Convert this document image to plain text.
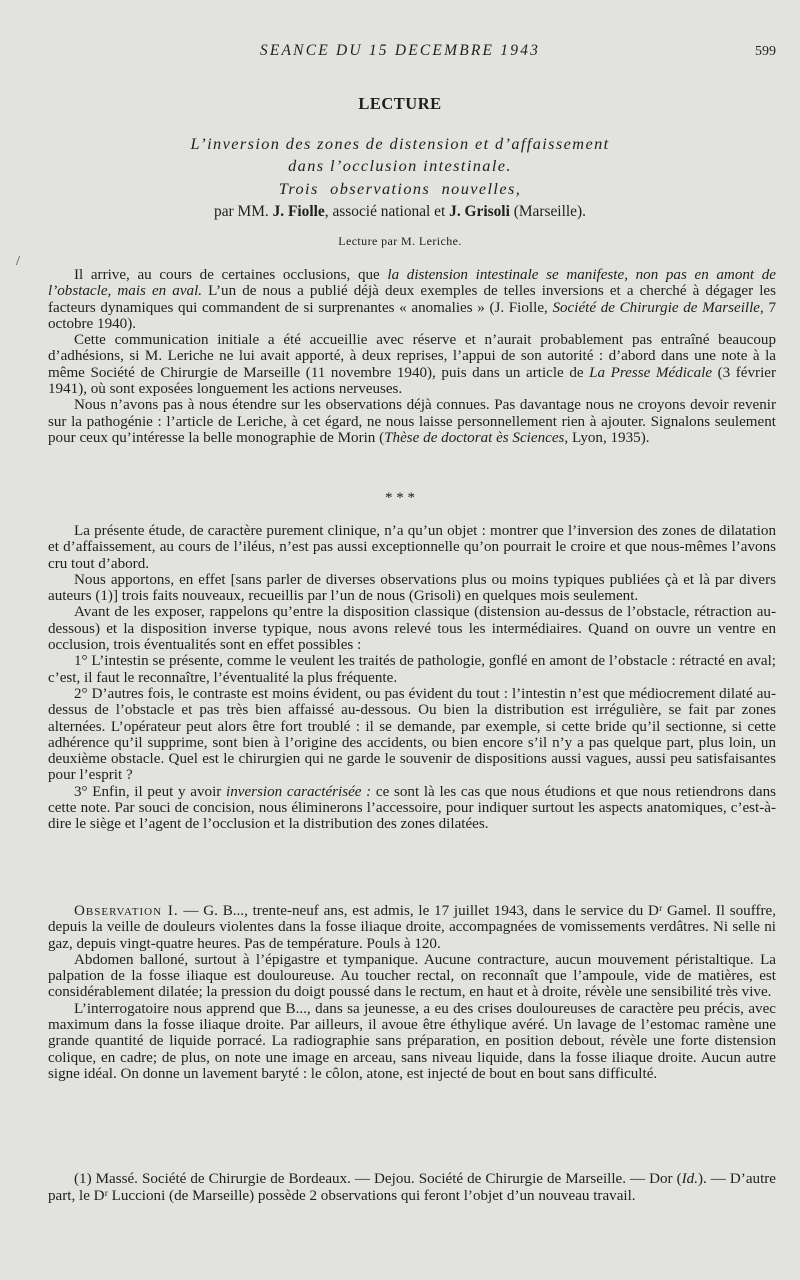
SEANCE DU 15 DECEMBRE 1943	599
LECTURE
L’inversion des zones de distension et d’affaissement
dans l’occlusion intestinale.
Trois observations nouvelles,
par MM. J. Fiolle, associé national et J. Grisoli (Marseille).
Lecture par M. Leriche.
/

Il arrive, au cours de certaines occlusions, que la distension intestinale se manifeste, non pas en amont de l’obstacle, mais en aval. L’un de nous a publié déjà deux exemples de telles inversions et a cherché à dégager les facteurs dynamiques qui commandent de si surprenantes « anomalies » (J. Fiolle, Société de Chirurgie de Marseille, 7 octobre 1940).

Cette communication initiale a été accueillie avec réserve et n’aurait probablement pas entraîné beaucoup d’adhésions, si M. Leriche ne lui avait apporté, à deux reprises, l’appui de son autorité : d’abord dans une note à la même Société de Chirurgie de Marseille (11 novembre 1940), puis dans un article de La Presse Médicale (3 février 1941), où sont exposées longuement les actions nerveuses.

Nous n’avons pas à nous étendre sur les observations déjà connues. Pas davantage nous ne croyons devoir revenir sur la pathogénie : l’article de Leriche, à cet égard, ne nous laisse personnellement rien à ajouter. Signalons seulement pour ceux qu’intéresse la belle monographie de Morin (Thèse de doctorat ès Sciences, Lyon, 1935).

* * *

La présente étude, de caractère purement clinique, n’a qu’un objet : montrer que l’inversion des zones de dilatation et d’affaissement, au cours de l’iléus, n’est pas aussi exceptionnelle qu’on pourrait le croire et que nous-mêmes l’avons cru tout d’abord.

Nous apportons, en effet [sans parler de diverses observations plus ou moins typiques publiées çà et là par divers auteurs (1)] trois faits nouveaux, recueillis par l’un de nous (Grisoli) en quelques mois seulement.

Avant de les exposer, rappelons qu’entre la disposition classique (distension au-dessus de l’obstacle, rétraction au-dessous) et la disposition inverse typique, nous avons relevé tous les intermédiaires. Quand on ouvre un ventre en occlusion, trois éventualités sont en effet possibles :

1° L’intestin se présente, comme le veulent les traités de pathologie, gonflé en amont de l’obstacle : rétracté en aval; c’est, il faut le reconnaître, l’éventualité la plus fréquente.

2° D’autres fois, le contraste est moins évident, ou pas évident du tout : l’intestin n’est que médiocrement dilaté au-dessus de l’obstacle et pas très bien affaissé au-dessous. Ou bien la distribution est irrégulière, se fait par zones alternées. L’opérateur peut alors être fort troublé : il se demande, par exemple, si cette bride qu’il sectionne, si cette adhérence qu’il supprime, sont bien à l’origine des accidents, ou bien encore s’il n’y a pas quelque part, plus loin, un deuxième obstacle. Quel est le chirurgien qui ne garde le souvenir de dispositions aussi vagues, aussi peu satisfaisantes pour l’esprit ?

3° Enfin, il peut y avoir inversion caractérisée : ce sont là les cas que nous étudions et que nous retiendrons dans cette note. Par souci de concision, nous éliminerons l’accessoire, pour indiquer surtout les aspects anatomiques, c’est-à-dire le siège et l’agent de l’occlusion et la distribution des zones dilatées.

Observation I. — G. B..., trente-neuf ans, est admis, le 17 juillet 1943, dans le service du Dʳ Gamel. Il souffre, depuis la veille de douleurs violentes dans la fosse iliaque droite, accompagnées de vomissements verdâtres. Ni selle ni gaz, depuis vingt-quatre heures. Pas de température. Pouls à 120.

Abdomen balloné, surtout à l’épigastre et tympanique. Aucune contracture, aucun mouvement péristaltique. La palpation de la fosse iliaque est douloureuse. Au toucher rectal, on reconnaît que l’ampoule, vide de matières, est considérablement dilatée; la pression du doigt poussé dans le rectum, en haut et à droite, révèle une sensibilité très vive.

L’interrogatoire nous apprend que B..., dans sa jeunesse, a eu des crises douloureuses de caractère peu précis, avec maximum dans la fosse iliaque droite. Par ailleurs, il avoue être éthylique avéré. Un lavage de l’estomac ramène une grande quantité de liquide porracé. La radiographie sans préparation, en position debout, révèle une forte distension colique, en cadre; de plus, on note une image en arceau, sans niveau liquide, dans la fosse iliaque droite. Aucun autre signe idéal. On donne un lavement baryté : le côlon, atone, est injecté de bout en bout sans difficulté.

(1) Massé. Société de Chirurgie de Bordeaux. — Dejou. Société de Chirurgie de Marseille. — Dor (Id.). — D’autre part, le Dʳ Luccioni (de Marseille) possède 2 observations qui feront l’objet d’un nouveau travail.
